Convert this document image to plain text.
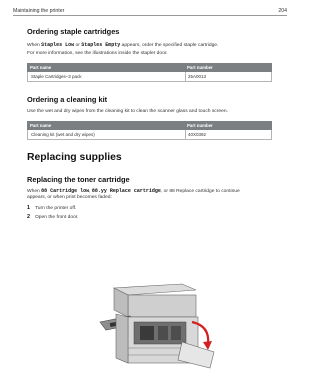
Maintaining the printer	204
Ordering staple cartridges
When Staples Low or Staples Empty appears, order the specified staple cartridge.
For more information, see the illustrations inside the stapler door.
Part name	Part number
Staple Cartridges–3 pack	25A0013
Ordering a cleaning kit
Use the wet and dry wipes from the cleaning kit to clean the scanner glass and touch screen.
Part name	Part number
Cleaning kit (wet and dry wipes)	40X0392
Replacing supplies
Replacing the toner cartridge
When 88 Cartridge low, 88.yy Replace cartridge, or 88 Replace cartridge to continue
appears, or when print becomes faded:
1 Turn the printer off.
2 Open the front door.
